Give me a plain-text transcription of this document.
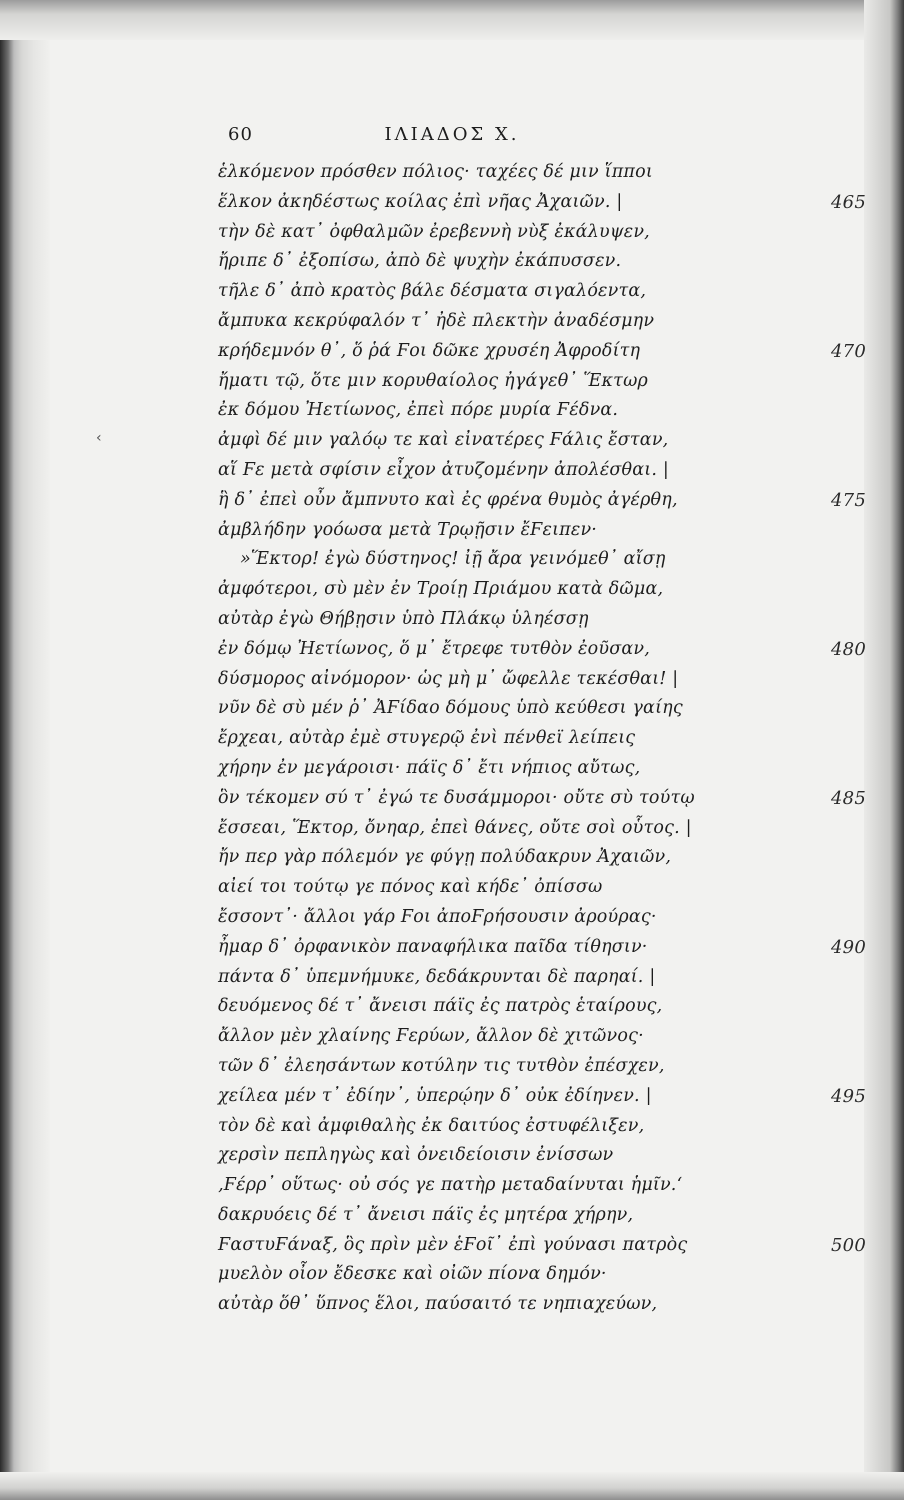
60	ΙΛΙΑΔΟΣ Χ.
‹
ἑλκόμενον πρόσθεν πόλιος· ταχέες δέ μιν ἵπποι
ἕλκον ἀκηδέστως κοίλας ἐπὶ νῆας Ἀχαιῶν. |	465
τὴν δὲ κατ᾽ ὀφθαλμῶν ἐρεβεννὴ νὺξ ἐκάλυψεν,
ἤριπε δ᾽ ἐξοπίσω, ἀπὸ δὲ ψυχὴν ἐκάπυσσεν.
τῆλε δ᾽ ἀπὸ κρατὸς βάλε δέσματα σιγαλόεντα,
ἄμπυκα κεκρύφαλόν τ᾽ ἠδὲ πλεκτὴν ἀναδέσμην
κρήδεμνόν θ᾽, ὅ ῥά Ϝοι δῶκε χρυσέη Ἀφροδίτη	470
ἤματι τῷ, ὅτε μιν κορυθαίολος ἠγάγεθ᾽ Ἕκτωρ
ἐκ δόμου Ἠετίωνος, ἐπεὶ πόρε μυρία Ϝέδνα.
ἀμφὶ δέ μιν γαλόῳ τε καὶ εἰνατέρες Ϝάλις ἔσταν,
αἵ Ϝε μετὰ σφίσιν εἶχον ἀτυζομένην ἀπολέσθαι. |
ἣ δ᾽ ἐπεὶ οὖν ἄμπνυτο καὶ ἐς φρένα θυμὸς ἀγέρθη,	475
ἀμβλήδην γοόωσα μετὰ Τρῳῇσιν ἔϜειπεν·
»Ἕκτορ! ἐγὼ δύστηνος! ἰῇ ἄρα γεινόμεθ᾽ αἴσῃ
ἀμφότεροι, σὺ μὲν ἐν Τροίῃ Πριάμου κατὰ δῶμα,
αὐτὰρ ἐγὼ Θήβῃσιν ὑπὸ Πλάκῳ ὑληέσσῃ
ἐν δόμῳ Ἠετίωνος, ὅ μ᾽ ἔτρεφε τυτθὸν ἐοῦσαν,	480
δύσμορος αἰνόμορον· ὡς μὴ μ᾽ ὤφελλε τεκέσθαι! |
νῦν δὲ σὺ μέν ῥ᾽ ἈϜίδαο δόμους ὑπὸ κεύθεσι γαίης
ἔρχεαι, αὐτὰρ ἐμὲ στυγερῷ ἐνὶ πένθεϊ λείπεις
χήρην ἐν μεγάροισι· πάϊς δ᾽ ἔτι νήπιος αὔτως,
ὃν τέκομεν σύ τ᾽ ἐγώ τε δυσάμμοροι· οὔτε σὺ τούτῳ	485
ἔσσεαι, Ἕκτορ, ὄνηαρ, ἐπεὶ θάνες, οὔτε σοὶ οὗτος. |
ἤν περ γὰρ πόλεμόν γε φύγῃ πολύδακρυν Ἀχαιῶν,
αἰεί τοι τούτῳ γε πόνος καὶ κήδε᾽ ὀπίσσω
ἔσσοντ᾽· ἄλλοι γάρ Ϝοι ἀποϜρήσουσιν ἀρούρας·
ἦμαρ δ᾽ ὀρφανικὸν παναφήλικα παῖδα τίθησιν·	490
πάντα δ᾽ ὑπεμνήμυκε, δεδάκρυνται δὲ παρηαί. |
δευόμενος δέ τ᾽ ἄνεισι πάϊς ἐς πατρὸς ἑταίρους,
ἄλλον μὲν χλαίνης Ϝερύων, ἄλλον δὲ χιτῶνος·
τῶν δ᾽ ἐλεησάντων κοτύλην τις τυτθὸν ἐπέσχεν,
χείλεα μέν τ᾽ ἐδίην᾽, ὑπερῴην δ᾽ οὐκ ἐδίηνεν. |	495
τὸν δὲ καὶ ἀμφιθαλὴς ἐκ δαιτύος ἐστυφέλιξεν,
χερσὶν πεπληγὼς καὶ ὀνειδείοισιν ἐνίσσων
‚Ϝέρρ᾽ οὕτως· οὐ σός γε πατὴρ μεταδαίνυται ἡμῖν.‘
δακρυόεις δέ τ᾽ ἄνεισι πάϊς ἐς μητέρα χήρην,
ϜαστυϜάναξ, ὃς πρὶν μὲν ἑϜοῖ᾽ ἐπὶ γούνασι πατρὸς	500
μυελὸν οἶον ἔδεσκε καὶ οἰῶν πίονα δημόν·
αὐτὰρ ὅθ᾽ ὕπνος ἕλοι, παύσαιτό τε νηπιαχεύων,
